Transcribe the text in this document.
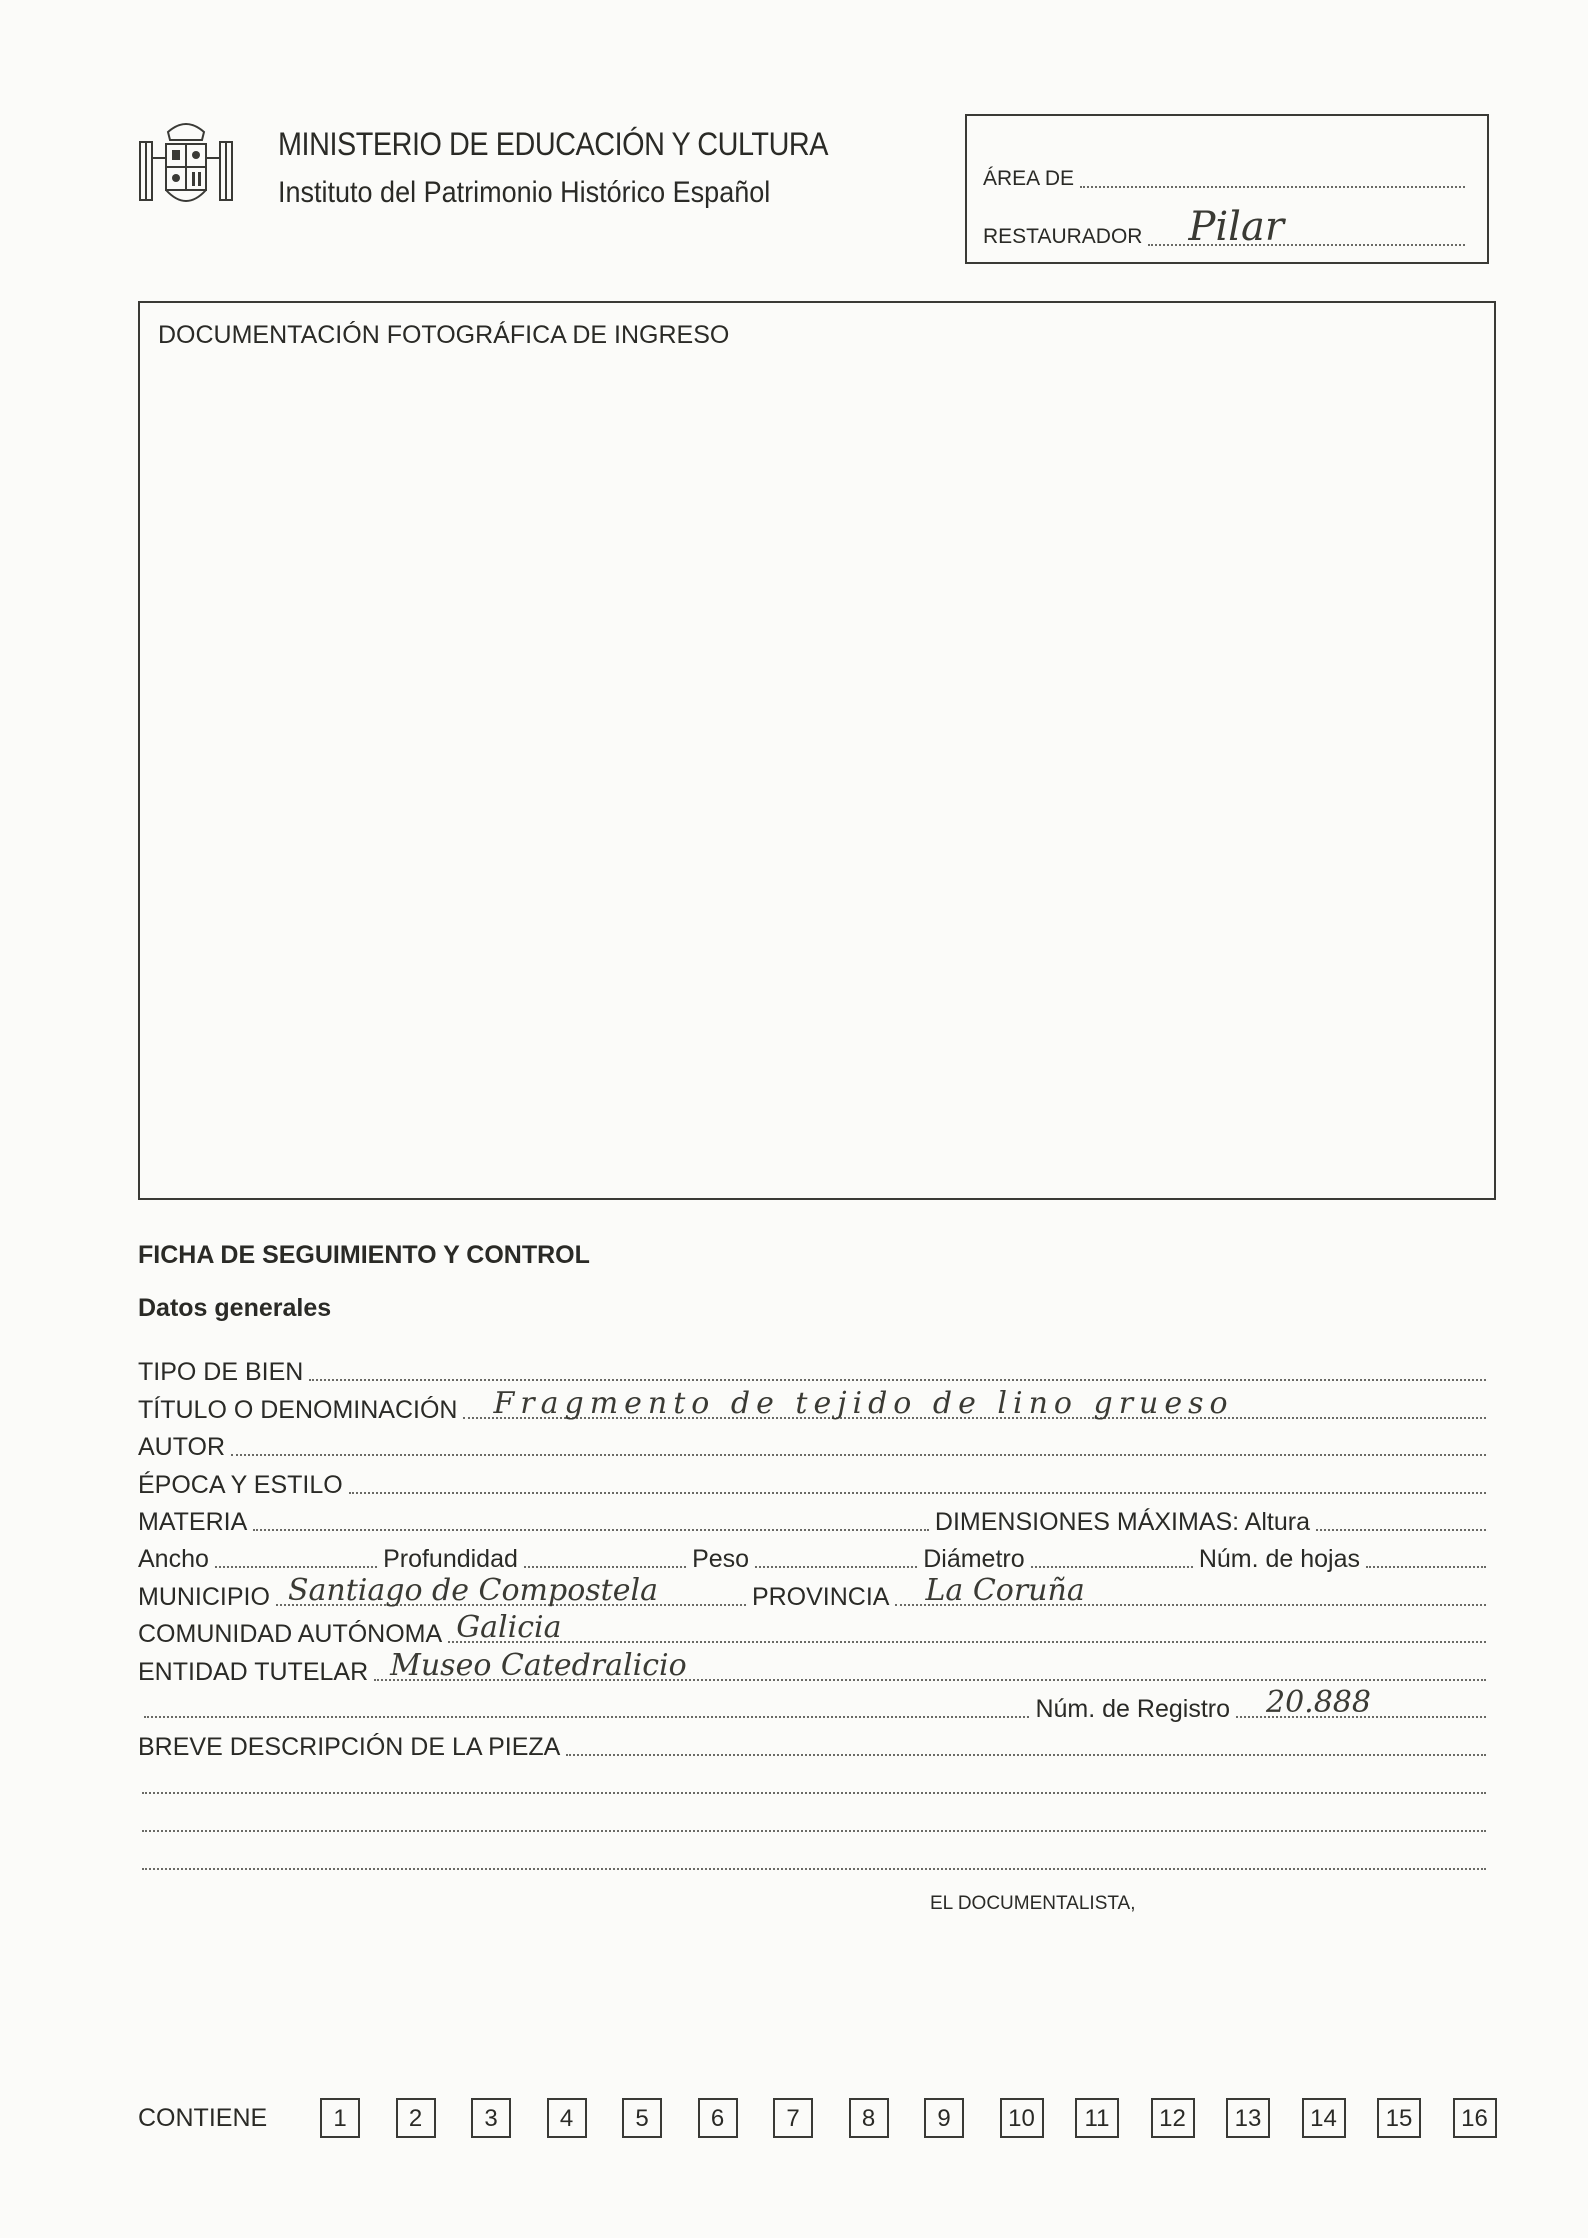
MINISTERIO DE EDUCACIÓN Y CULTURA
Instituto del Patrimonio Histórico Español	ÁREA DE
RESTAURADOR Pilar
DOCUMENTACIÓN FOTOGRÁFICA DE INGRESO
FICHA DE SEGUIMIENTO Y CONTROL
Datos generales
TIPO DE BIEN
TÍTULO O DENOMINACIÓN Fragmento de tejido de lino grueso
AUTOR
ÉPOCA Y ESTILO
MATERIA	DIMENSIONES MÁXIMAS: Altura
Ancho	Profundidad	Peso	Diámetro	Núm. de hojas
MUNICIPIO Santiago de Compostela	PROVINCIA La Coruña
COMUNIDAD AUTÓNOMA Galicia
ENTIDAD TUTELAR Museo Catedralicio
Núm. de Registro 20.888
BREVE DESCRIPCIÓN DE LA PIEZA
EL DOCUMENTALISTA,
CONTIENE	1	2	3	4	5	6	7	8	9	10	11	12	13	14	15	16
